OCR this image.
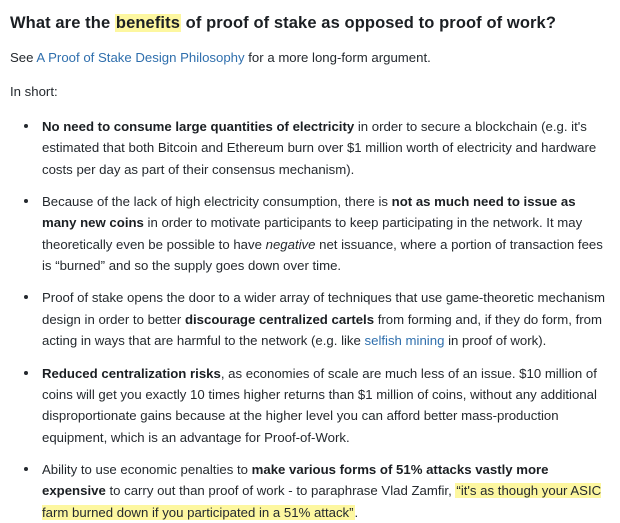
What are the benefits of proof of stake as opposed to proof of work?

See A Proof of Stake Design Philosophy for a more long-form argument.

In short:

No need to consume large quantities of electricity in order to secure a blockchain (e.g. it's estimated that both Bitcoin and Ethereum burn over $1 million worth of electricity and hardware costs per day as part of their consensus mechanism).
Because of the lack of high electricity consumption, there is not as much need to issue as many new coins in order to motivate participants to keep participating in the network. It may theoretically even be possible to have negative net issuance, where a portion of transaction fees is “burned” and so the supply goes down over time.
Proof of stake opens the door to a wider array of techniques that use game-theoretic mechanism design in order to better discourage centralized cartels from forming and, if they do form, from acting in ways that are harmful to the network (e.g. like selfish mining in proof of work).
Reduced centralization risks, as economies of scale are much less of an issue. $10 million of coins will get you exactly 10 times higher returns than $1 million of coins, without any additional disproportionate gains because at the higher level you can afford better mass-production equipment, which is an advantage for Proof-of-Work.
Ability to use economic penalties to make various forms of 51% attacks vastly more expensive to carry out than proof of work - to paraphrase Vlad Zamfir, “it's as though your ASIC farm burned down if you participated in a 51% attack”.
